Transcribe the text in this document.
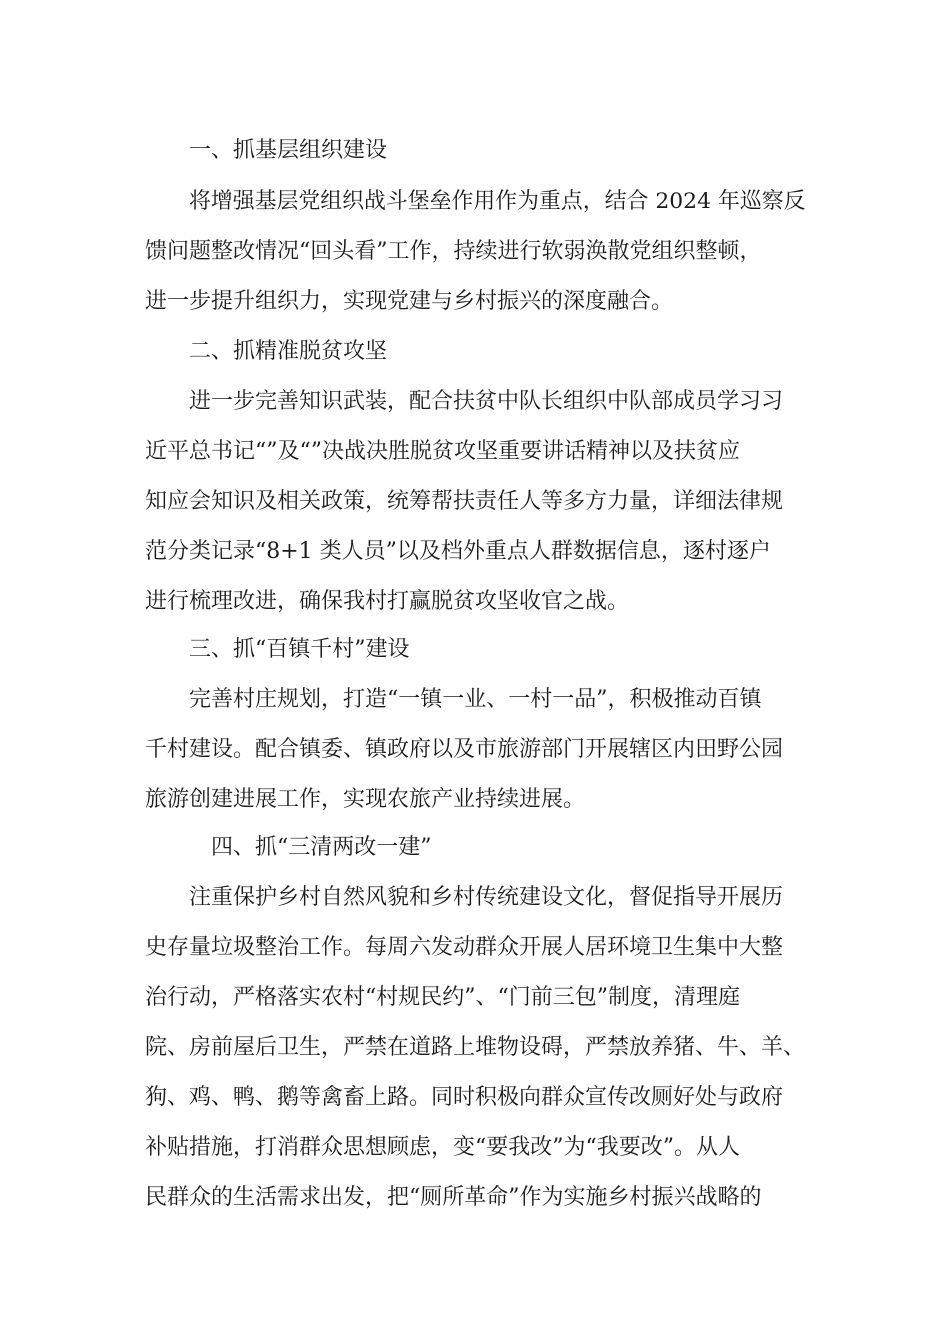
一、抓基层组织建设
将增强基层党组织战斗堡垒作用作为重点，结合 2024 年巡察反
馈问题整改情况“回头看”工作，持续进行软弱涣散党组织整顿，
进一步提升组织力，实现党建与乡村振兴的深度融合。
二、抓精准脱贫攻坚
进一步完善知识武装，配合扶贫中队长组织中队部成员学习习
近平总书记“”及“”决战决胜脱贫攻坚重要讲话精神以及扶贫应
知应会知识及相关政策，统筹帮扶责任人等多方力量，详细法律规
范分类记录“8+1 类人员”以及档外重点人群数据信息，逐村逐户
进行梳理改进，确保我村打赢脱贫攻坚收官之战。
三、抓“百镇千村”建设
完善村庄规划，打造“一镇一业、一村一品”，积极推动百镇
千村建设。配合镇委、镇政府以及市旅游部门开展辖区内田野公园
旅游创建进展工作，实现农旅产业持续进展。
四、抓“三清两改一建”
注重保护乡村自然风貌和乡村传统建设文化，督促指导开展历
史存量垃圾整治工作。每周六发动群众开展人居环境卫生集中大整
治行动，严格落实农村“村规民约”、“门前三包”制度，清理庭
院、房前屋后卫生，严禁在道路上堆物设碍，严禁放养猪、牛、羊、
狗、鸡、鸭、鹅等禽畜上路。同时积极向群众宣传改厕好处与政府
补贴措施，打消群众思想顾虑，变“要我改”为“我要改”。从人
民群众的生活需求出发，把“厕所革命”作为实施乡村振兴战略的
